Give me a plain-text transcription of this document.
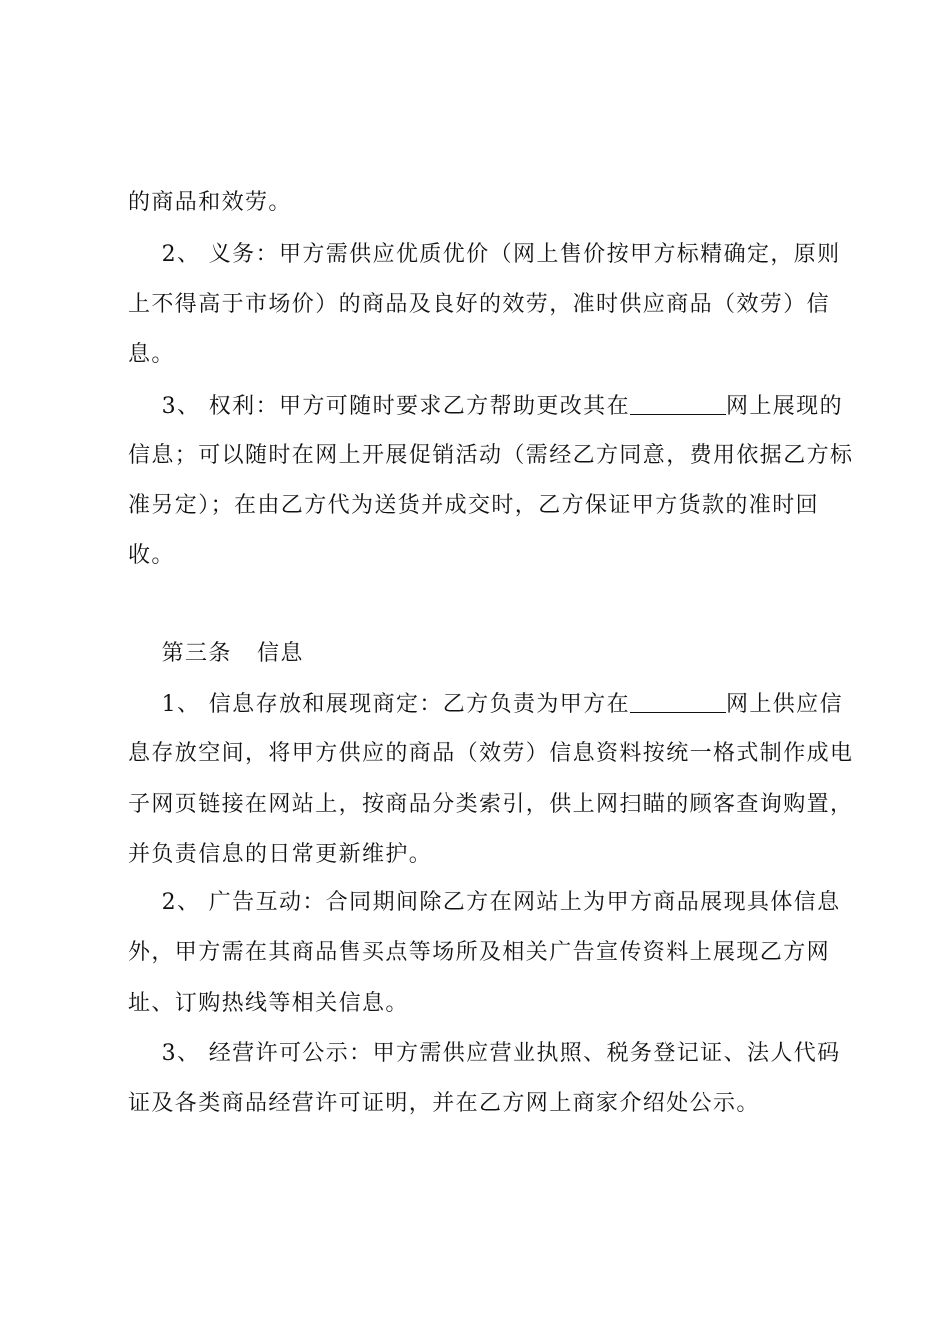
的商品和效劳。
2、 义务：甲方需供应优质优价（网上售价按甲方标精确定，原则
上不得高于市场价）的商品及良好的效劳，准时供应商品（效劳）信
息。
3、 权利：甲方可随时要求乙方帮助更改其在	网上展现的
信息；可以随时在网上开展促销活动（需经乙方同意，费用依据乙方标
准另定）；在由乙方代为送货并成交时，乙方保证甲方货款的准时回
收。
第三条   信息
1、 信息存放和展现商定：乙方负责为甲方在	网上供应信
息存放空间，将甲方供应的商品（效劳）信息资料按统一格式制作成电
子网页链接在网站上，按商品分类索引，供上网扫瞄的顾客查询购置，
并负责信息的日常更新维护。
2、 广告互动：合同期间除乙方在网站上为甲方商品展现具体信息
外，甲方需在其商品售买点等场所及相关广告宣传资料上展现乙方网
址、订购热线等相关信息。
3、 经营许可公示：甲方需供应营业执照、税务登记证、法人代码
证及各类商品经营许可证明，并在乙方网上商家介绍处公示。
